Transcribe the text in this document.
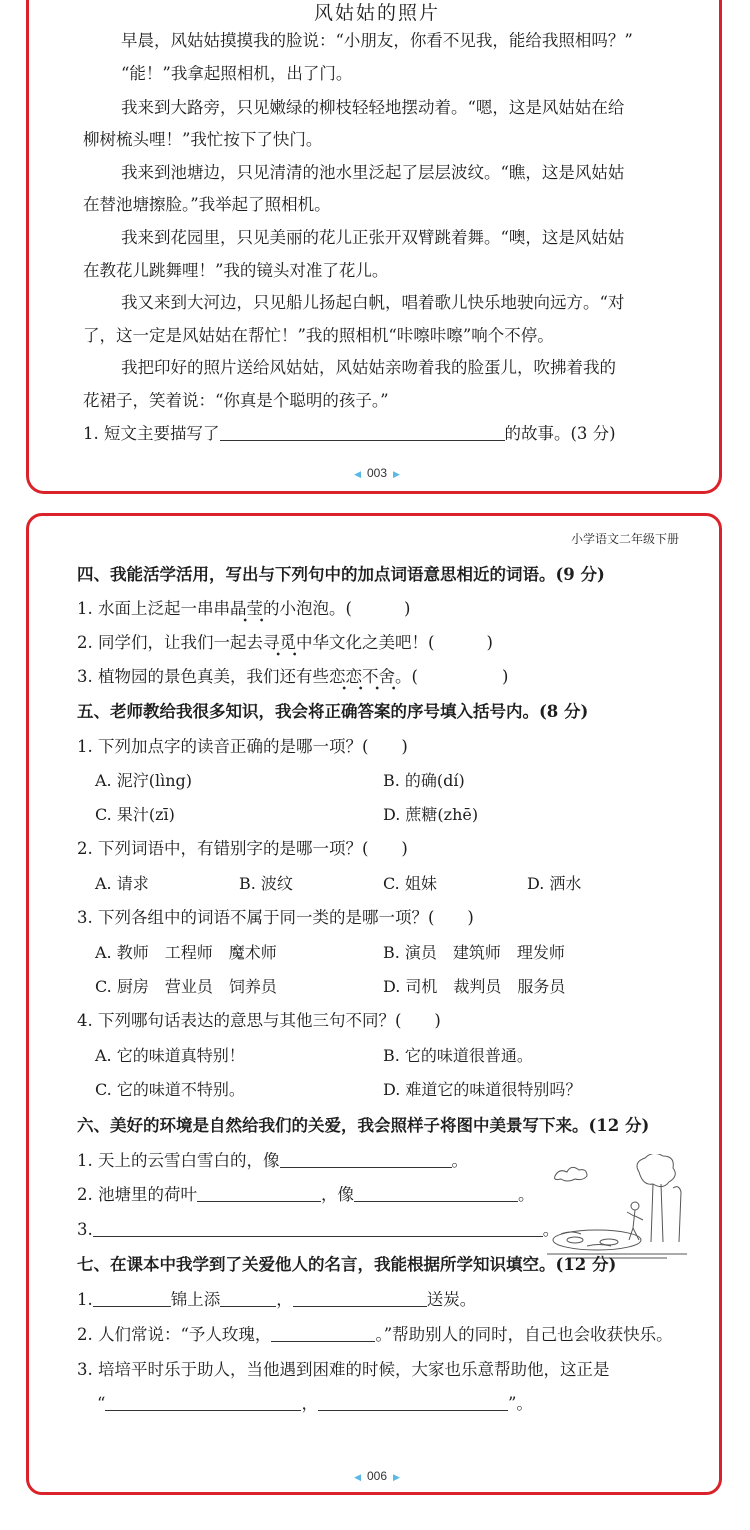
风姑姑的照片
早晨，风姑姑摸摸我的脸说：“小朋友，你看不见我，能给我照相吗？”
“能！”我拿起照相机，出了门。
我来到大路旁，只见嫩绿的柳枝轻轻地摆动着。“嗯，这是风姑姑在给
柳树梳头哩！”我忙按下了快门。
我来到池塘边，只见清清的池水里泛起了层层波纹。“瞧，这是风姑姑
在替池塘擦脸。”我举起了照相机。
我来到花园里，只见美丽的花儿正张开双臂跳着舞。“噢，这是风姑姑
在教花儿跳舞哩！”我的镜头对准了花儿。
我又来到大河边，只见船儿扬起白帆，唱着歌儿快乐地驶向远方。“对
了，这一定是风姑姑在帮忙！”我的照相机“咔嚓咔嚓”响个不停。
我把印好的照片送给风姑姑，风姑姑亲吻着我的脸蛋儿，吹拂着我的
花裙子，笑着说：“你真是个聪明的孩子。”
1. 短文主要描写了	的故事。(3 分)
◀ 003 ▶
小学语文二年级下册
四、我能活学活用，写出与下列句中的加点词语意思相近的词语。(9 分)
1. 水面上泛起一串串晶莹的小泡泡。(	)
2. 同学们，让我们一起去寻觅中华文化之美吧！(	)
3. 植物园的景色真美，我们还有些恋恋不舍。(	)
五、老师教给我很多知识，我会将正确答案的序号填入括号内。(8 分)
1. 下列加点字的读音正确的是哪一项？(　　)
A. 泥泞(lìng)	B. 的确(dí)
C. 果汁(zī)	D. 蔗糖(zhē)
2. 下列词语中，有错别字的是哪一项？(　　)
A. 请求	B. 波纹	C. 姐妹	D. 洒水
3. 下列各组中的词语不属于同一类的是哪一项？(　　)
A. 教师　工程师　魔术师	B. 演员　建筑师　理发师
C. 厨房　营业员　饲养员	D. 司机　裁判员　服务员
4. 下列哪句话表达的意思与其他三句不同？(　　)
A. 它的味道真特别！	B. 它的味道很普通。
C. 它的味道不特别。	D. 难道它的味道很特别吗？
六、美好的环境是自然给我们的关爱，我会照样子将图中美景写下来。(12 分)
1. 天上的云雪白雪白的，像	。
2. 池塘里的荷叶	，像	。
3.	。
七、在课本中我学到了关爱他人的名言，我能根据所学知识填空。(12 分)
1.	锦上添	，	送炭。
2. 人们常说：“予人玫瑰，	。”帮助别人的同时，自己也会收获快乐。
3. 培培平时乐于助人，当他遇到困难的时候，大家也乐意帮助他，这正是
“	，	”。
◀ 006 ▶
